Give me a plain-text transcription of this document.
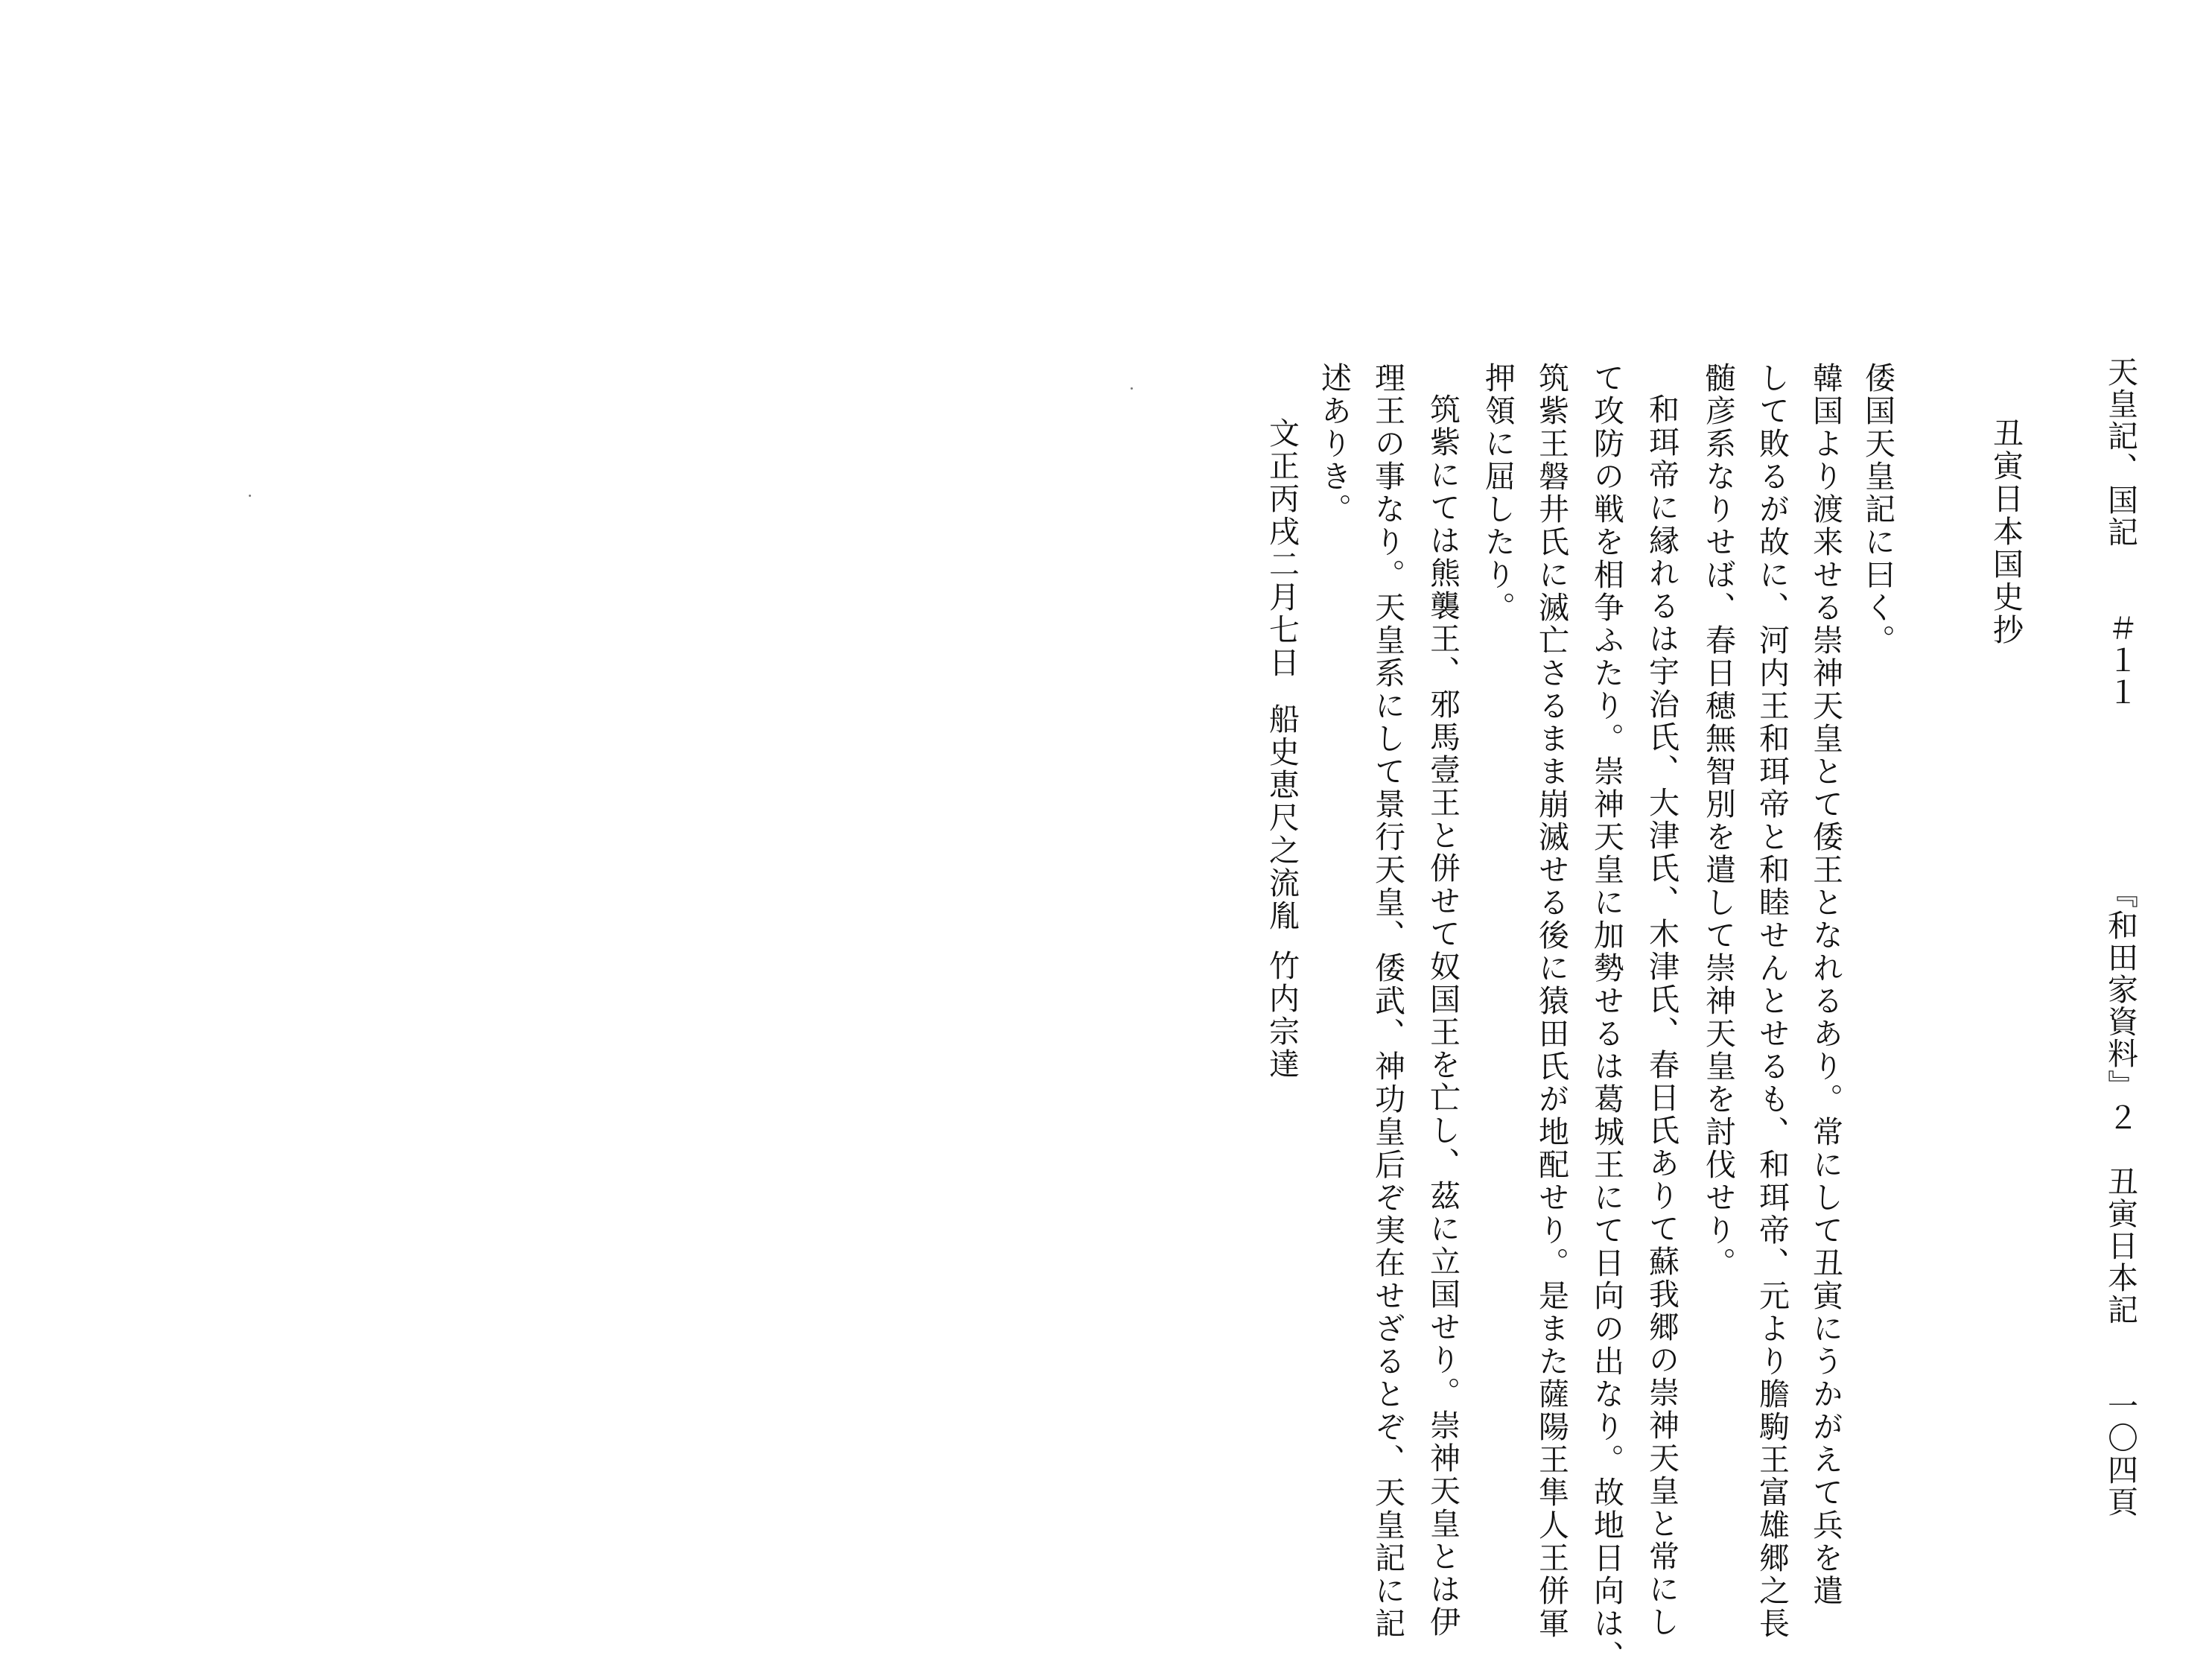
天皇記、国記　　＃１１
『和田家資料』２　丑寅日本記　　一〇四頁
丑寅日本国史抄
倭国天皇記に曰く。
韓国より渡来せる崇神天皇とて倭王となれるあり。常にして丑寅にうかがえて兵を遣
して敗るが故に、河内王和珥帝と和睦せんとせるも、和珥帝、元より膽駒王富雄郷之長
髄彦系なりせば、春日穂無智別を遣して崇神天皇を討伐せり。
和珥帝に縁れるは宇治氏、大津氏、木津氏、春日氏ありて蘇我郷の崇神天皇と常にし
て攻防の戦を相争ふたり。崇神天皇に加勢せるは葛城王にて日向の出なり。故地日向は、
筑紫王磐井氏に滅亡さるまま崩滅せる後に猿田氏が地配せり。是また薩陽王隼人王併軍
押領に屈したり。
筑紫にては熊襲王、邪馬壹王と併せて奴国王を亡し、茲に立国せり。崇神天皇とは伊
理王の事なり。天皇系にして景行天皇、倭武、神功皇后ぞ実在せざるとぞ、天皇記に記
述ありき。
文正丙戌二月七日
船史恵尺之流胤
竹内宗達
